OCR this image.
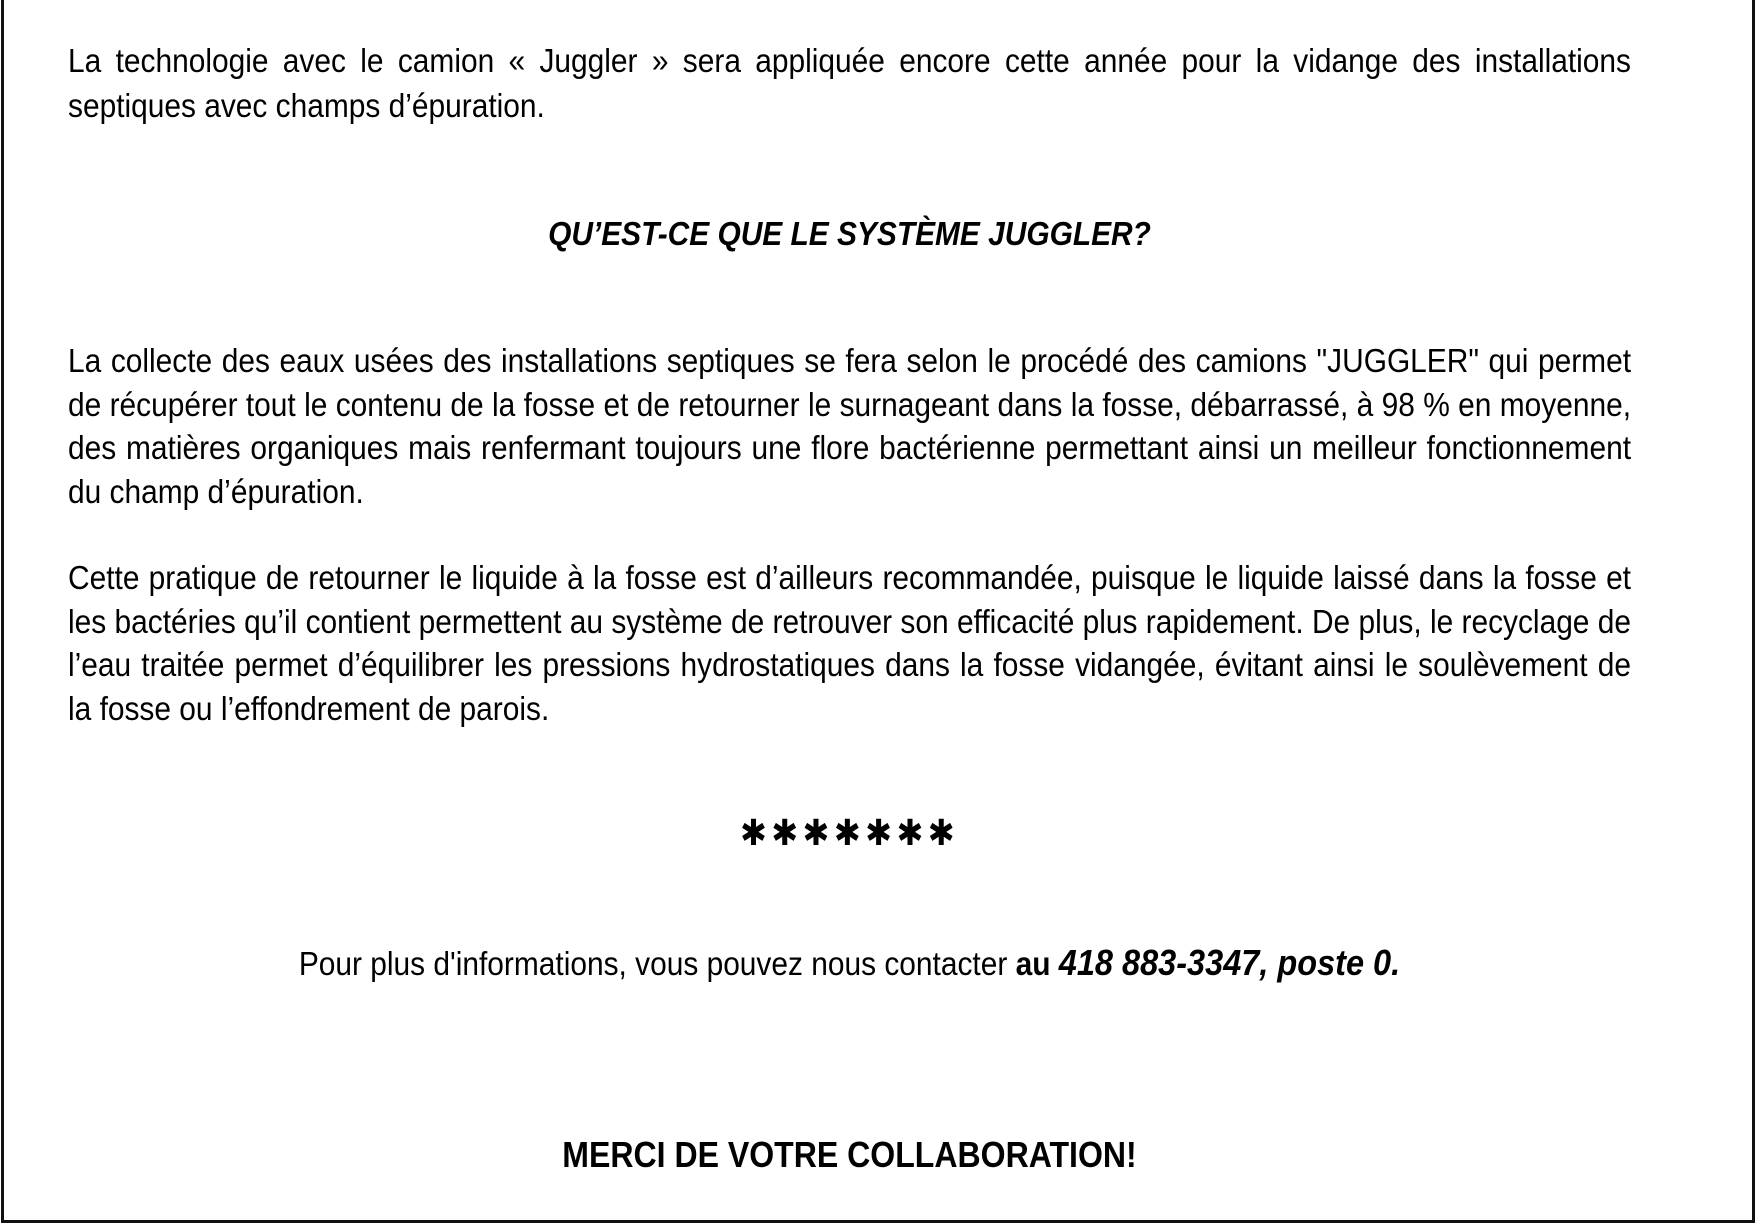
La technologie avec le camion « Juggler » sera appliquée encore cette année pour la vidange des installations septiques avec champs d’épuration.

QU’EST-CE QUE LE SYSTÈME JUGGLER?

La collecte des eaux usées des installations septiques se fera selon le procédé des camions "JUGGLER" qui permet de récupérer tout le contenu de la fosse et de retourner le surnageant dans la fosse, débarrassé, à 98 % en moyenne, des matières organiques mais renfermant toujours une flore bactérienne permettant ainsi un meilleur fonctionnement du champ d’épuration.

Cette pratique de retourner le liquide à la fosse est d’ailleurs recommandée, puisque le liquide laissé dans la fosse et les bactéries qu’il contient permettent au système de retrouver son efficacité plus rapidement. De plus, le recyclage de l’eau traitée permet d’équilibrer les pressions hydrostatiques dans la fosse vidangée, évitant ainsi le soulèvement de la fosse ou l’effondrement de parois.

✱✱✱✱✱✱✱

Pour plus d'informations, vous pouvez nous contacter au 418 883-3347, poste 0.

MERCI DE VOTRE COLLABORATION!
